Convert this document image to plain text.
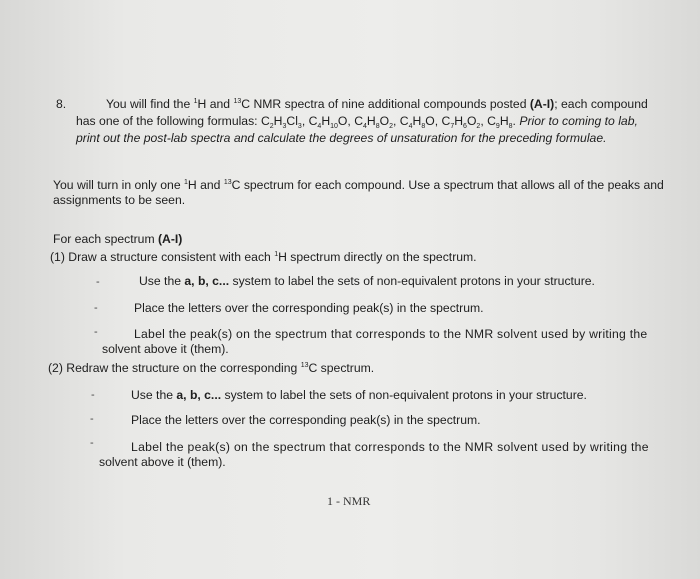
8.	You will find the $^1$H and $^{13}$C NMR spectra of nine additional compounds posted (A-I); each compound
has one of the following formulas: $C_2H_3Cl_3$, $C_4H_{10}O$, $C_4H_8O_2$, $C_4H_8O$, $C_7H_6O_2$, $C_9H_8$. Prior to coming to lab,
print out the post-lab spectra and calculate the degrees of unsaturation for the preceding formulae.
You will turn in only one $^1$H and $^{13}$C spectrum for each compound. Use a spectrum that allows all of the peaks and
assignments to be seen.
For each spectrum (A-I)
(1) Draw a structure consistent with each $^1$H spectrum directly on the spectrum.
-	Use the a, b, c... system to label the sets of non-equivalent protons in your structure.
-	Place the letters over the corresponding peak(s) in the spectrum.
-	Label the peak(s) on the spectrum that corresponds to the NMR solvent used by writing the
solvent above it (them).
(2) Redraw the structure on the corresponding $^{13}$C spectrum.
-	Use the a, b, c... system to label the sets of non-equivalent protons in your structure.
-	Place the letters over the corresponding peak(s) in the spectrum.
-	Label the peak(s) on the spectrum that corresponds to the NMR solvent used by writing the
solvent above it (them).
1 - NMR
